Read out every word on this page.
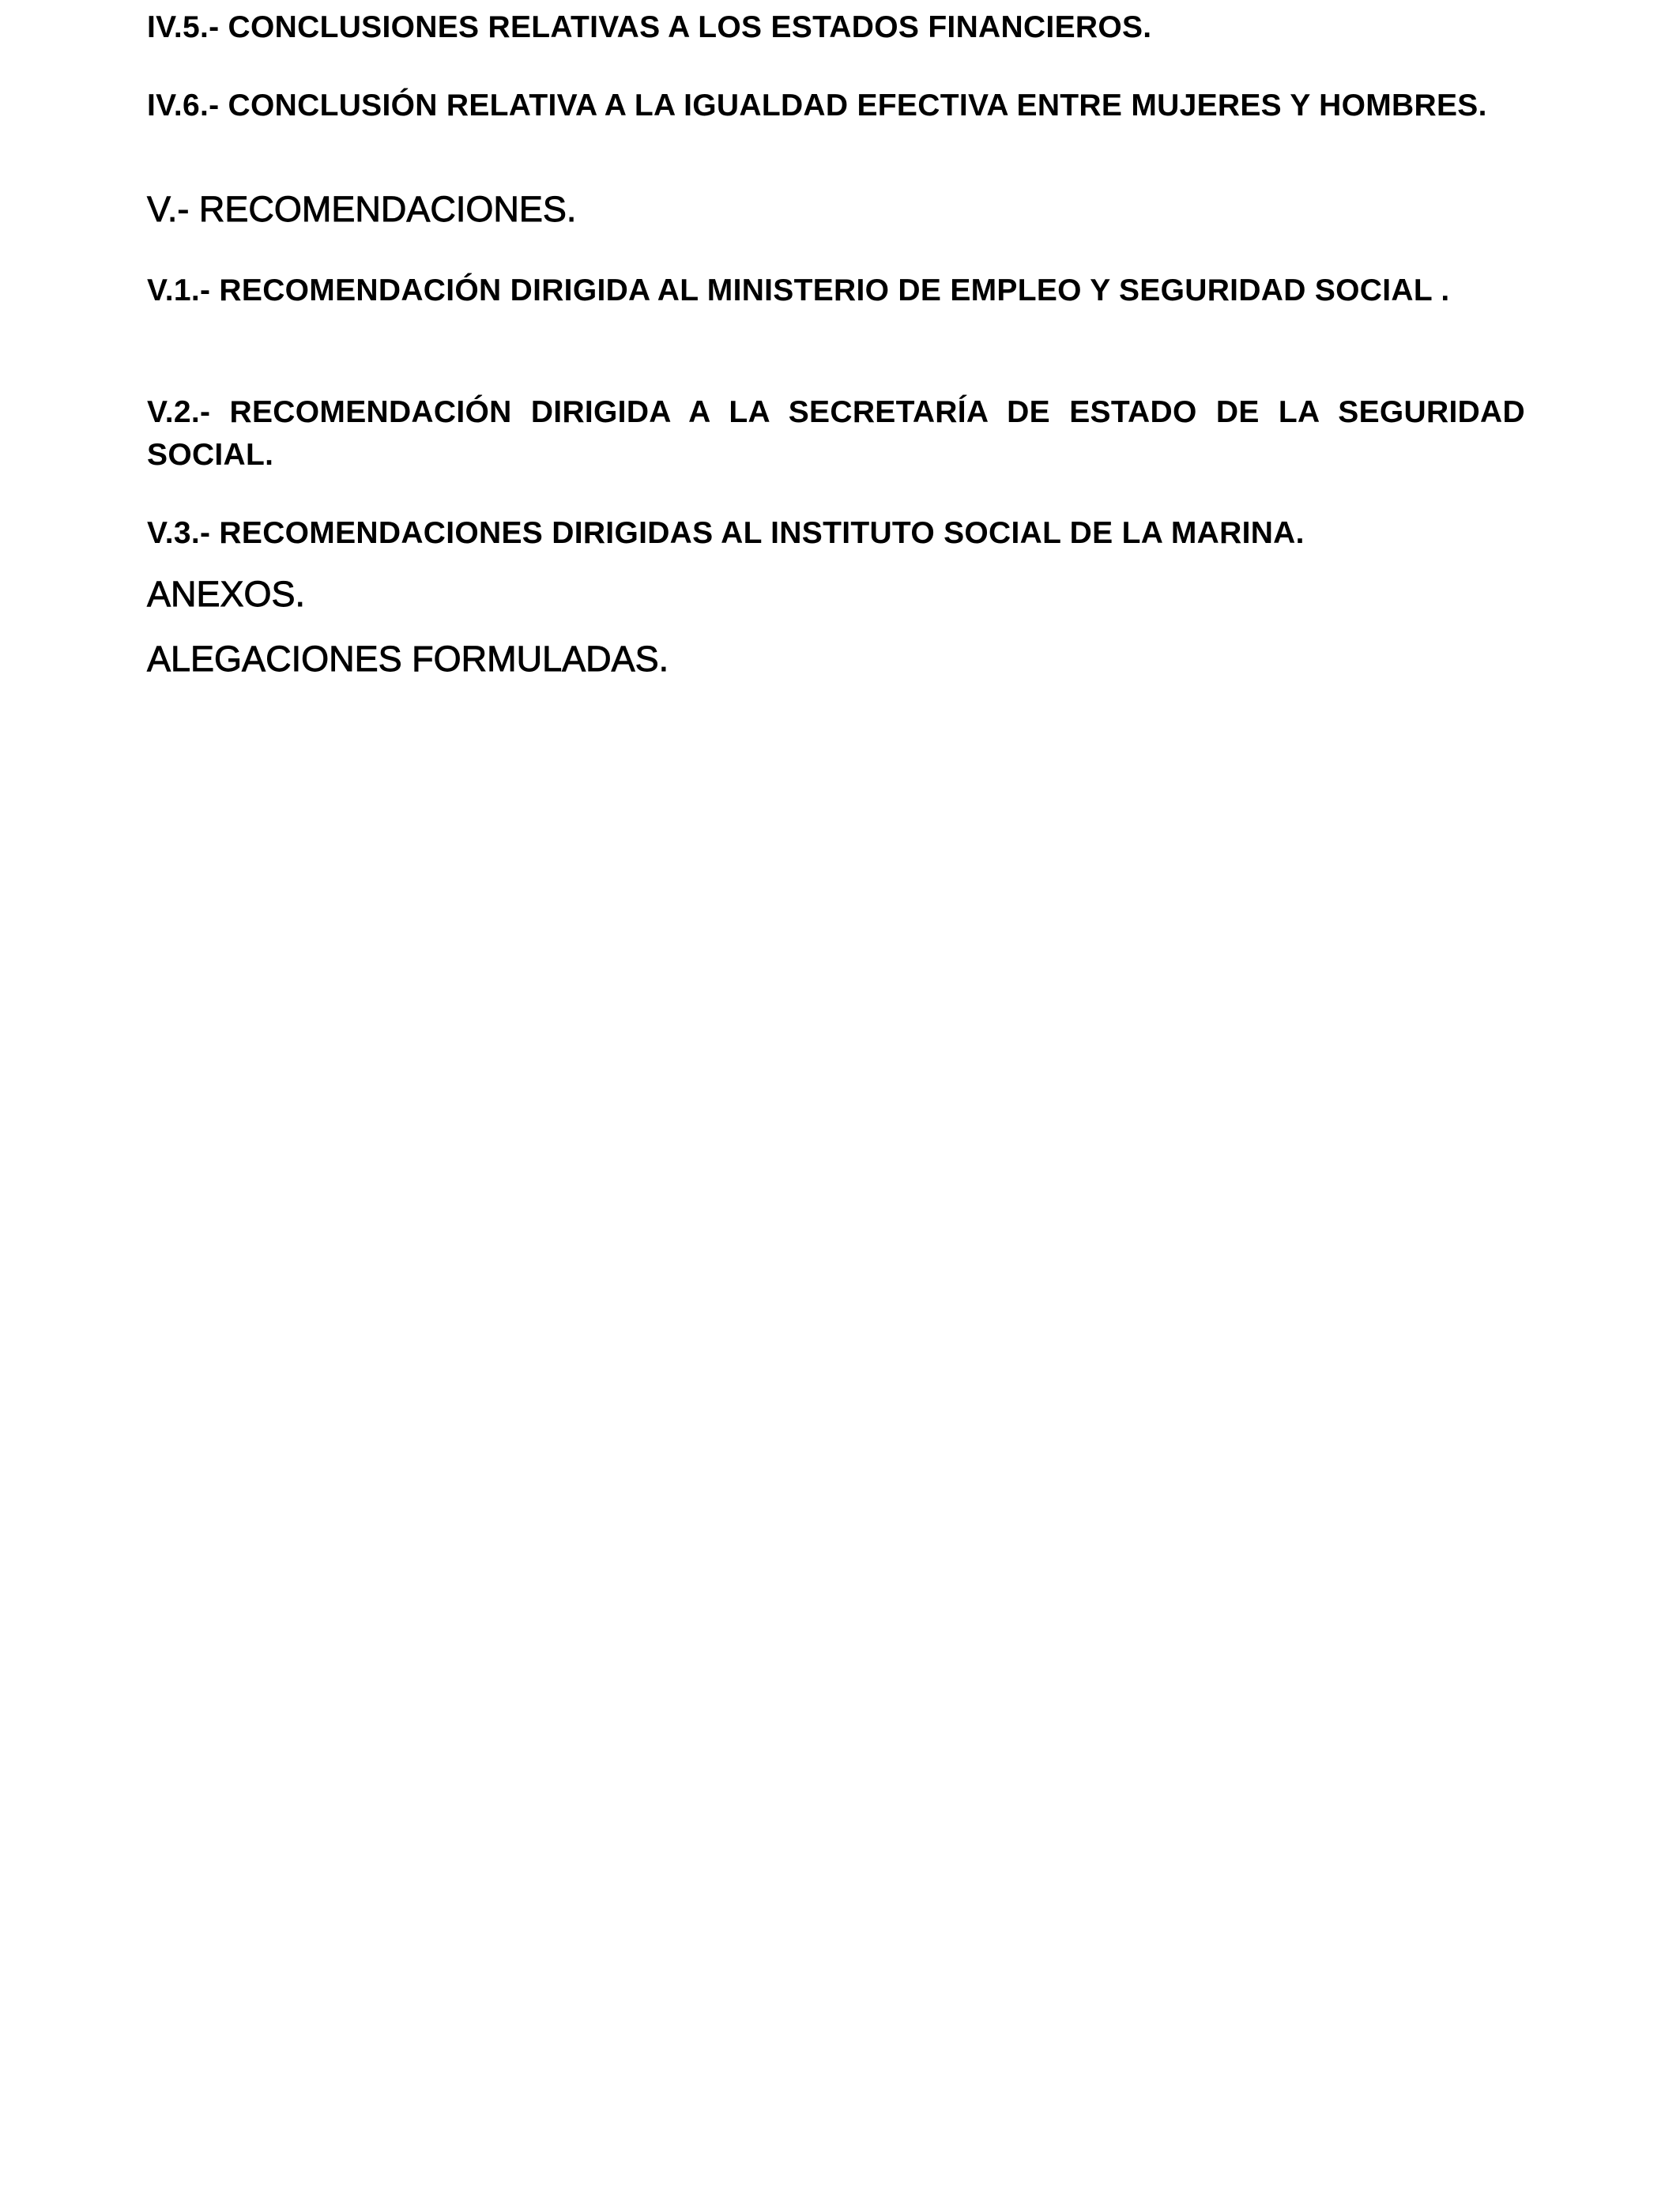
IV.5.- CONCLUSIONES RELATIVAS A LOS ESTADOS FINANCIEROS.

IV.6.- CONCLUSIÓN RELATIVA A LA IGUALDAD EFECTIVA ENTRE MUJERES Y HOMBRES.

V.- RECOMENDACIONES.

V.1.- RECOMENDACIÓN DIRIGIDA AL MINISTERIO DE EMPLEO Y SEGURIDAD SOCIAL .

V.2.- RECOMENDACIÓN DIRIGIDA A LA SECRETARÍA DE ESTADO DE LA SEGURIDAD SOCIAL.

V.3.- RECOMENDACIONES DIRIGIDAS AL INSTITUTO SOCIAL DE LA MARINA.

ANEXOS.

ALEGACIONES FORMULADAS.
